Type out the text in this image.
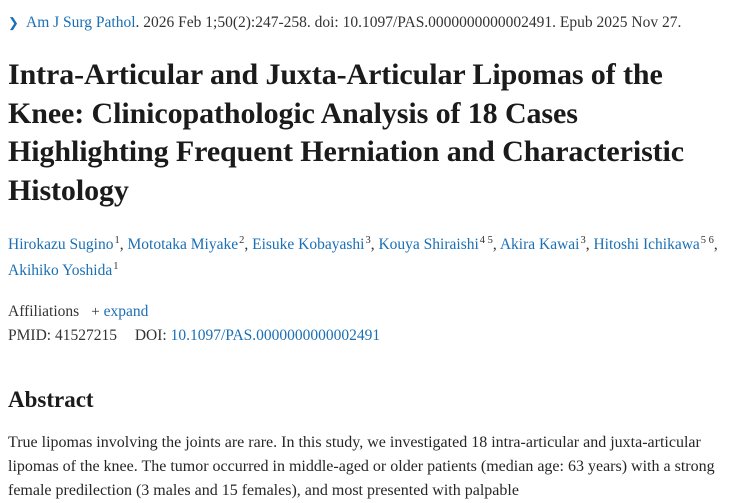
❯ Am J Surg Pathol. 2026 Feb 1;50(2):247-258. doi: 10.1097/PAS.0000000000002491. Epub 2025 Nov 27.
Intra-Articular and Juxta-Articular Lipomas of the Knee: Clinicopathologic Analysis of 18 Cases Highlighting Frequent Herniation and Characteristic Histology
Hirokazu Sugino$^1$, Mototaka Miyake$^2$, Eisuke Kobayashi$^3$, Kouya Shiraishi$^{4 5}$, Akira Kawai$^3$, Hitoshi Ichikawa$^{5 6}$, Akihiko Yoshida$^1$
Affiliations + expand
PMID: 41527215 DOI: 10.1097/PAS.0000000000002491
Abstract

True lipomas involving the joints are rare. In this study, we investigated 18 intra-articular and juxta-articular lipomas of the knee. The tumor occurred in middle-aged or older patients (median age: 63 years) with a strong female predilection (3 males and 15 females), and most presented with palpable
